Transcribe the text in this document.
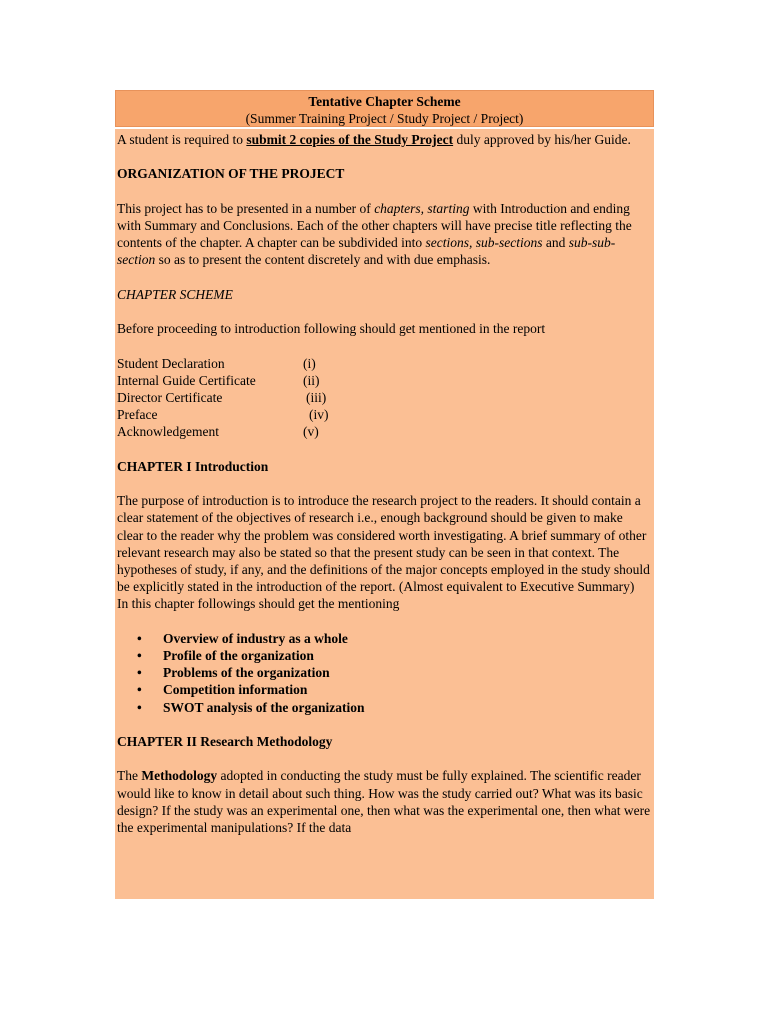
Tentative Chapter Scheme
(Summer Training Project / Study Project / Project)

A student is required to submit 2 copies of the Study Project duly approved by his/her Guide.

ORGANIZATION OF THE PROJECT

This project has to be presented in a number of chapters, starting with Introduction and ending with Summary and Conclusions. Each of the other chapters will have precise title reflecting the contents of the chapter. A chapter can be subdivided into sections, sub-sections and sub-sub-section so as to present the content discretely and with due emphasis.

CHAPTER SCHEME

Before proceeding to introduction following should get mentioned in the report

Student Declaration	(i)
Internal Guide Certificate	(ii)
Director Certificate	(iii)
Preface	(iv)
Acknowledgement	(v)

CHAPTER I Introduction

The purpose of introduction is to introduce the research project to the readers. It should contain a clear statement of the objectives of research i.e., enough background should be given to make clear to the reader why the problem was considered worth investigating. A brief summary of other relevant research may also be stated so that the present study can be seen in that context. The hypotheses of study, if any, and the definitions of the major concepts employed in the study should be explicitly stated in the introduction of the report. (Almost equivalent to Executive Summary)

In this chapter followings should get the mentioning

• Overview of industry as a whole
• Profile of the organization
• Problems of the organization
• Competition information
• SWOT analysis of the organization

CHAPTER II Research Methodology

The Methodology adopted in conducting the study must be fully explained. The scientific reader would like to know in detail about such thing. How was the study carried out? What was its basic design? If the study was an experimental one, then what was the experimental one, then what were the experimental manipulations? If the data
